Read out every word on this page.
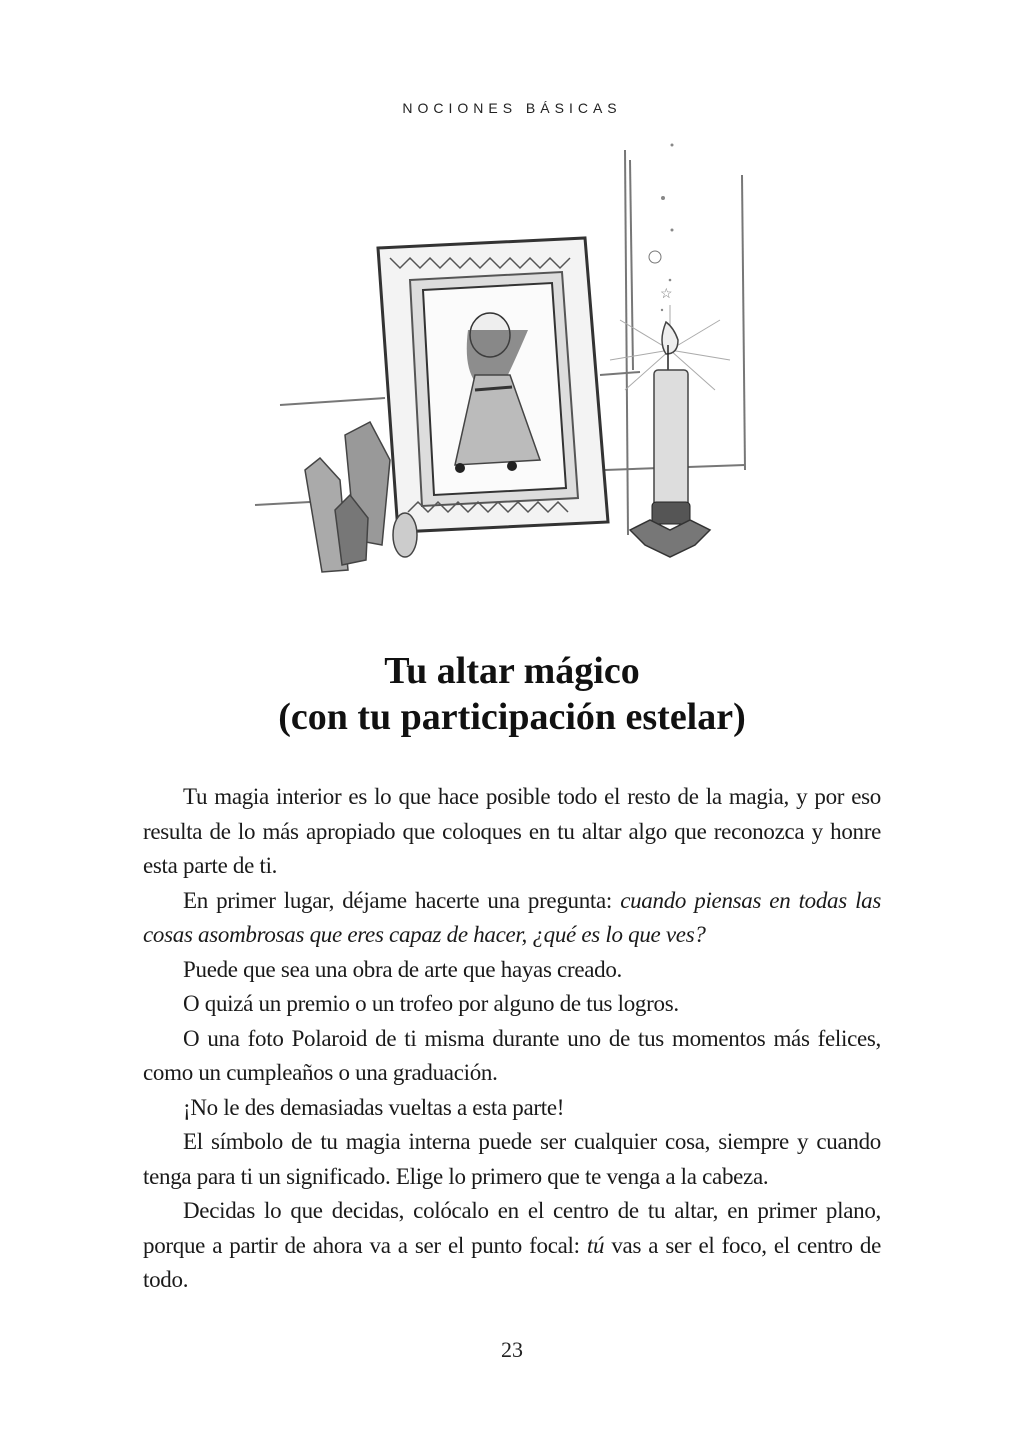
NOCIONES BÁSICAS
☆
Tu altar mágico
(con tu participación estelar)

Tu magia interior es lo que hace posible todo el resto de la magia, y por eso resulta de lo más apropiado que coloques en tu altar algo que reconozca y honre esta parte de ti.

En primer lugar, déjame hacerte una pregunta: cuando piensas en todas las cosas asombrosas que eres capaz de hacer, ¿qué es lo que ves?

Puede que sea una obra de arte que hayas creado.

O quizá un premio o un trofeo por alguno de tus logros.

O una foto Polaroid de ti misma durante uno de tus momentos más felices, como un cumpleaños o una graduación.

¡No le des demasiadas vueltas a esta parte!

El símbolo de tu magia interna puede ser cualquier cosa, siempre y cuando tenga para ti un significado. Elige lo primero que te venga a la cabeza.

Decidas lo que decidas, colócalo en el centro de tu altar, en primer plano, porque a partir de ahora va a ser el punto focal: tú vas a ser el foco, el centro de todo.

23
